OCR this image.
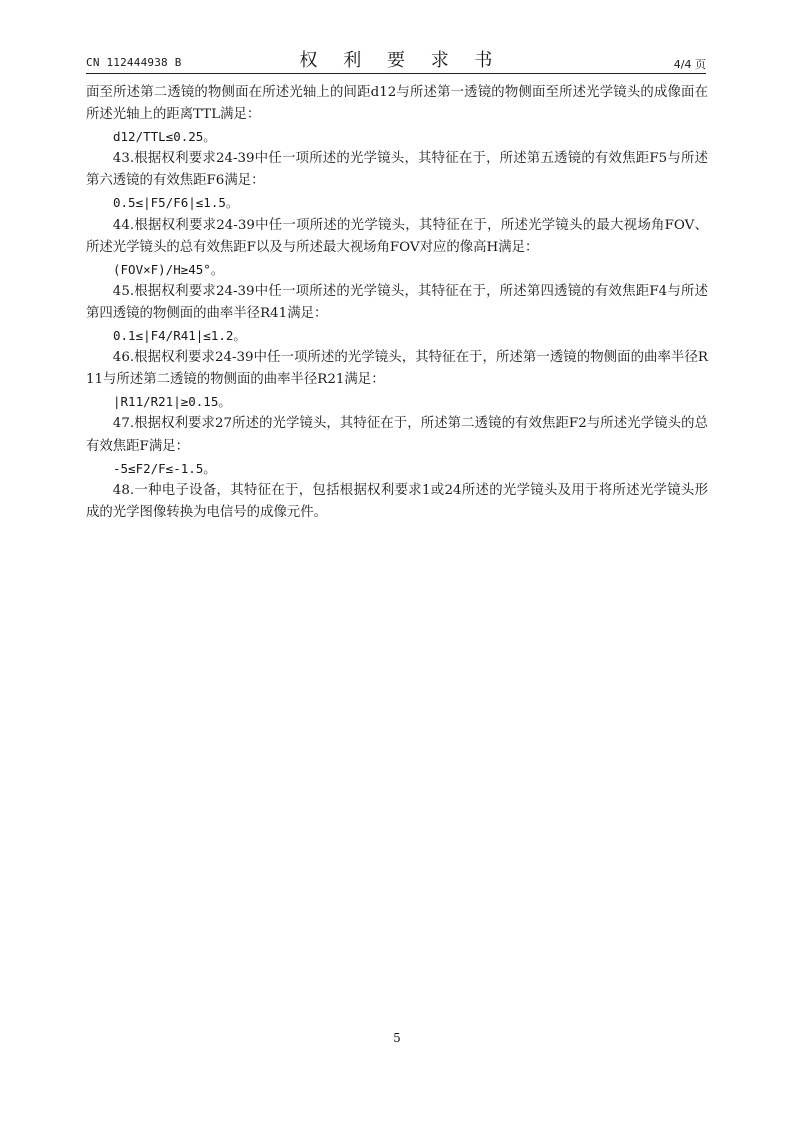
CN 112444938 B	权 利 要 求 书	4/4 页

面至所述第二透镜的物侧面在所述光轴上的间距d12与所述第一透镜的物侧面至所述光学镜头的成像面在所述光轴上的距离TTL满足：

d12/TTL≤0.25。

43.根据权利要求24-39中任一项所述的光学镜头，其特征在于，所述第五透镜的有效焦距F5与所述第六透镜的有效焦距F6满足：

0.5≤|F5/F6|≤1.5。

44.根据权利要求24-39中任一项所述的光学镜头，其特征在于，所述光学镜头的最大视场角FOV、所述光学镜头的总有效焦距F以及与所述最大视场角FOV对应的像高H满足：

(FOV×F)/H≥45°。

45.根据权利要求24-39中任一项所述的光学镜头，其特征在于，所述第四透镜的有效焦距F4与所述第四透镜的物侧面的曲率半径R41满足：

0.1≤|F4/R41|≤1.2。

46.根据权利要求24-39中任一项所述的光学镜头，其特征在于，所述第一透镜的物侧面的曲率半径R11与所述第二透镜的物侧面的曲率半径R21满足：

|R11/R21|≥0.15。

47.根据权利要求27所述的光学镜头，其特征在于，所述第二透镜的有效焦距F2与所述光学镜头的总有效焦距F满足：

-5≤F2/F≤-1.5。

48.一种电子设备，其特征在于，包括根据权利要求1或24所述的光学镜头及用于将所述光学镜头形成的光学图像转换为电信号的成像元件。

5
